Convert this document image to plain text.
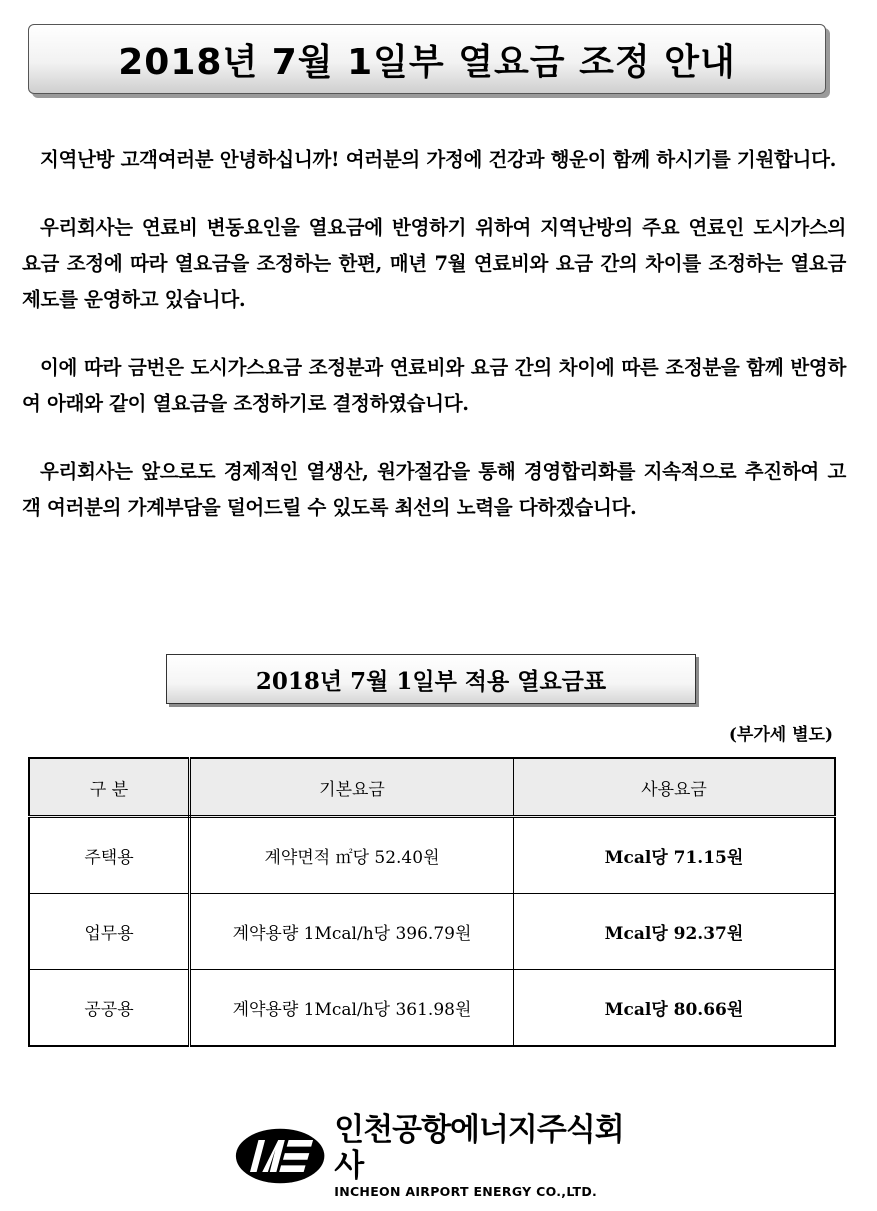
2018년 7월 1일부 열요금 조정 안내

지역난방 고객여러분 안녕하십니까! 여러분의 가정에 건강과 행운이 함께 하시기를 기원합니다.

우리회사는 연료비 변동요인을 열요금에 반영하기 위하여 지역난방의 주요 연료인 도시가스의 요금 조정에 따라 열요금을 조정하는 한편, 매년 7월 연료비와 요금 간의 차이를 조정하는 열요금 제도를 운영하고 있습니다.

이에 따라 금번은 도시가스요금 조정분과 연료비와 요금 간의 차이에 따른 조정분을 함께 반영하여 아래와 같이 열요금을 조정하기로 결정하였습니다.

우리회사는 앞으로도 경제적인 열생산, 원가절감을 통해 경영합리화를 지속적으로 추진하여 고객 여러분의 가계부담을 덜어드릴 수 있도록 최선의 노력을 다하겠습니다.

2018년 7월 1일부 적용 열요금표
(부가세 별도)
구 분	기본요금	사용요금
주택용	계약면적 ㎡당 52.40원	Mcal당 71.15원
업무용	계약용량 1Mcal/h당 396.79원	Mcal당 92.37원
공공용	계약용량 1Mcal/h당 361.98원	Mcal당 80.66원
인천공항에너지주식회사
INCHEON AIRPORT ENERGY CO.,LTD.
